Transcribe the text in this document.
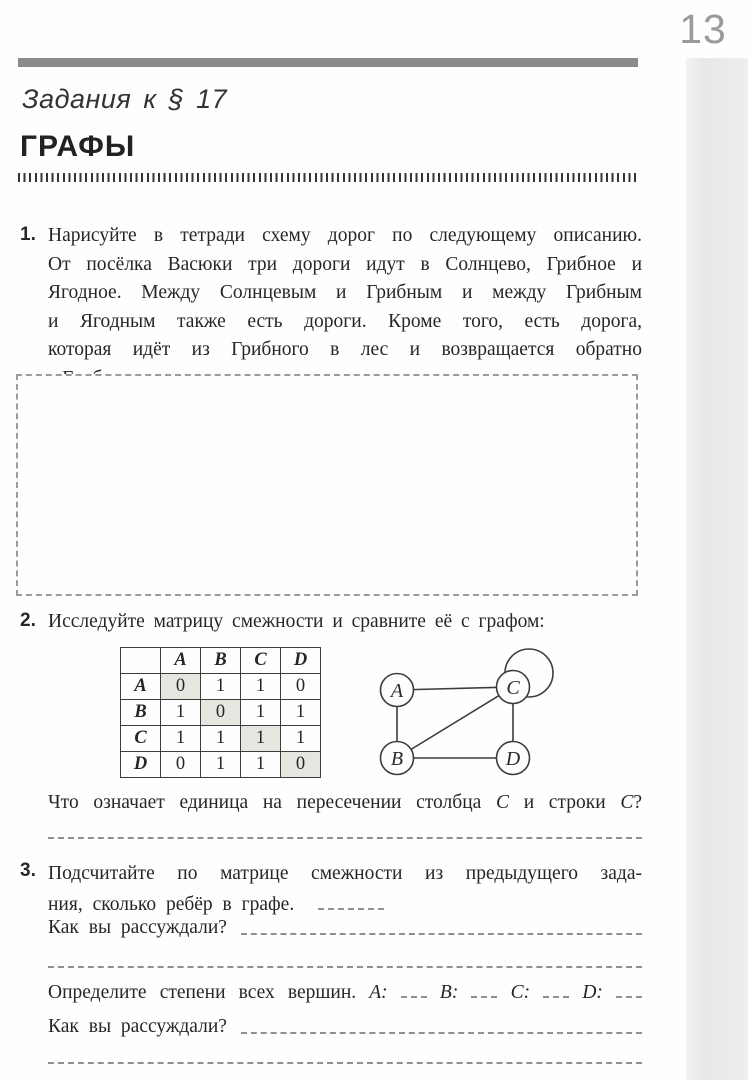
13
Задания к § 17
ГРАФЫ
1. Нарисуйте в тетради схему дорог по следующему описанию.
От посёлка Васюки три дороги идут в Солнцево, Грибное и
Ягодное. Между Солнцевым и Грибным и между Грибным
и Ягодным также есть дороги. Кроме того, есть дорога,
которая идёт из Грибного в лес и возвращается обратно
2. Исследуйте матрицу смежности и сравните её с графом:
	A	B	C	D
A	0	1	1	0
B	1	0	1	1
C	1	1	1	1
D	0	1	1	0
A
B
C
D
Что означает единица на пересечении столбца C и строки C?
3. Подсчитайте по матрице смежности из предыдущего зада-
ния, сколько ребёр в графе.
Как вы рассуждали?
Определите степени всех вершин. A:	B:	C:	D:
Как вы рассуждали?
